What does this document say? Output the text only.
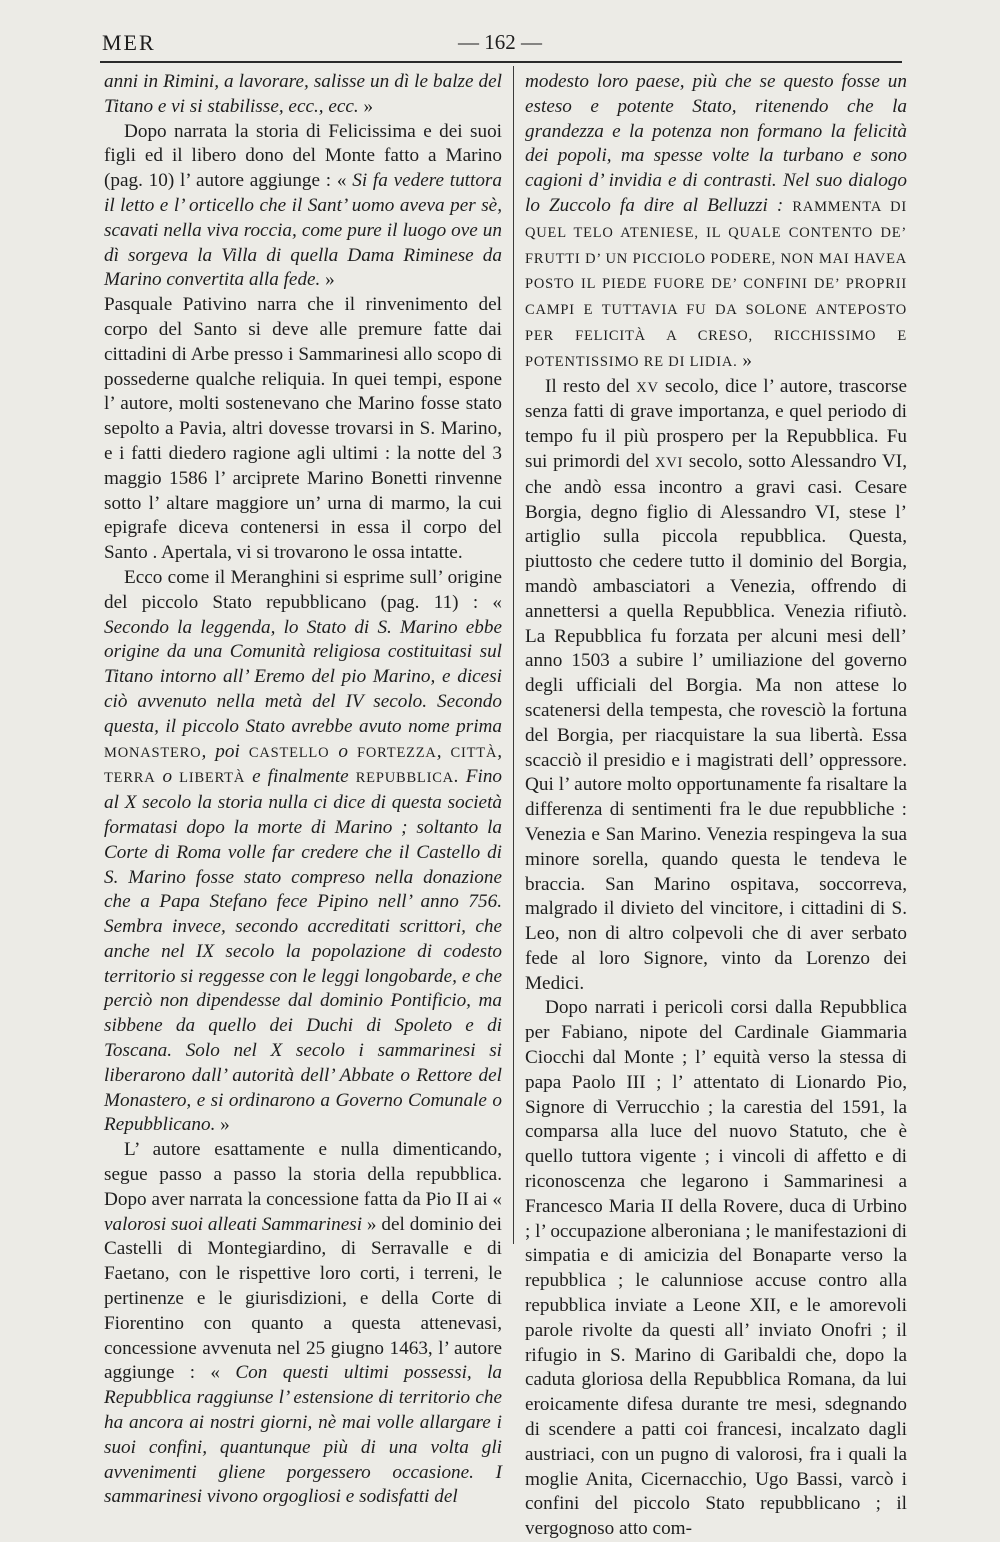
MER	— 162 —

anni in Rimini, a lavorare, salisse un dì le balze del Titano e vi si stabilisse, ecc., ecc. »

Dopo narrata la storia di Felicissima e dei suoi figli ed il libero dono del Monte fatto a Marino (pag. 10) l’ autore aggiunge : « Si fa vedere tuttora il letto e l’ orticello che il Sant’ uomo aveva per sè, scavati nella viva roccia, come pure il luogo ove un dì sorgeva la Villa di quella Dama Riminese da Marino convertita alla fede. »

Pasquale Pativino narra che il rinvenimento del corpo del Santo si deve alle premure fatte dai cittadini di Arbe presso i Sammarinesi allo scopo di possederne qualche reliquia. In quei tempi, espone l’ autore, molti sostenevano che Marino fosse stato sepolto a Pavia, altri dovesse trovarsi in S. Marino, e i fatti diedero ragione agli ultimi : la notte del 3 maggio 1586 l’ arciprete Marino Bonetti rinvenne sotto l’ altare maggiore un’ urna di marmo, la cui epigrafe diceva contenersi in essa il corpo del Santo . Apertala, vi si trovarono le ossa intatte.

Ecco come il Meranghini si esprime sull’ origine del piccolo Stato repubblicano (pag. 11) : « Secondo la leggenda, lo Stato di S. Marino ebbe origine da una Comunità religiosa costituitasi sul Titano intorno all’ Eremo del pio Marino, e dicesi ciò avvenuto nella metà del IV secolo. Secondo questa, il piccolo Stato avrebbe avuto nome prima MONASTERO, poi CASTELLO o FORTEZZA, CITTÀ, TERRA o LIBERTÀ e finalmente REPUBBLICA. Fino al X secolo la storia nulla ci dice di questa società formatasi dopo la morte di Marino ; soltanto la Corte di Roma volle far credere che il Castello di S. Marino fosse stato compreso nella donazione che a Papa Stefano fece Pipino nell’ anno 756. Sembra invece, secondo accreditati scrittori, che anche nel IX secolo la popolazione di codesto territorio si reggesse con le leggi longobarde, e che perciò non dipendesse dal dominio Pontificio, ma sibbene da quello dei Duchi di Spoleto e di Toscana. Solo nel X secolo i sammarinesi si liberarono dall’ autorità dell’ Abbate o Rettore del Monastero, e si ordinarono a Governo Comunale o Repubblicano. »

L’ autore esattamente e nulla dimenticando, segue passo a passo la storia della repubblica. Dopo aver narrata la concessione fatta da Pio II ai « valorosi suoi alleati Sammarinesi » del dominio dei Castelli di Montegiardino, di Serravalle e di Faetano, con le rispettive loro corti, i terreni, le pertinenze e le giurisdizioni, e della Corte di Fiorentino con quanto a questa attenevasi, concessione avvenuta nel 25 giugno 1463, l’ autore aggiunge : « Con questi ultimi possessi, la Repubblica raggiunse l’ estensione di territorio che ha ancora ai nostri giorni, nè mai volle allargare i suoi confini, quantunque più di una volta gli avvenimenti gliene porgessero occasione. I sammarinesi vivono orgogliosi e sodisfatti del

modesto loro paese, più che se questo fosse un esteso e potente Stato, ritenendo che la grandezza e la potenza non formano la felicità dei popoli, ma spesse volte la turbano e sono cagioni d’ invidia e di contrasti. Nel suo dialogo lo Zuccolo fa dire al Belluzzi : RAMMENTA DI QUEL TELO ATENIESE, IL QUALE CONTENTO DE’ FRUTTI D’ UN PICCIOLO PODERE, NON MAI HAVEA POSTO IL PIEDE FUORE DE’ CONFINI DE’ PROPRII CAMPI E TUTTAVIA FU DA SOLONE ANTEPOSTO PER FELICITÀ A CRESO, RICCHISSIMO E POTENTISSIMO RE DI LIDIA. »

Il resto del XV secolo, dice l’ autore, trascorse senza fatti di grave importanza, e quel periodo di tempo fu il più prospero per la Repubblica. Fu sui primordi del XVI secolo, sotto Alessandro VI, che andò essa incontro a gravi casi. Cesare Borgia, degno figlio di Alessandro VI, stese l’ artiglio sulla piccola repubblica. Questa, piuttosto che cedere tutto il dominio del Borgia, mandò ambasciatori a Venezia, offrendo di annettersi a quella Repubblica. Venezia rifiutò. La Repubblica fu forzata per alcuni mesi dell’ anno 1503 a subire l’ umiliazione del governo degli ufficiali del Borgia. Ma non attese lo scatenersi della tempesta, che rovesciò la fortuna del Borgia, per riacquistare la sua libertà. Essa scacciò il presidio e i magistrati dell’ oppressore. Qui l’ autore molto opportunamente fa risaltare la differenza di sentimenti fra le due repubbliche : Venezia e San Marino. Venezia respingeva la sua minore sorella, quando questa le tendeva le braccia. San Marino ospitava, soccorreva, malgrado il divieto del vincitore, i cittadini di S. Leo, non di altro colpevoli che di aver serbato fede al loro Signore, vinto da Lorenzo dei Medici.

Dopo narrati i pericoli corsi dalla Repubblica per Fabiano, nipote del Cardinale Giammaria Ciocchi dal Monte ; l’ equità verso la stessa di papa Paolo III ; l’ attentato di Lionardo Pio, Signore di Verrucchio ; la carestia del 1591, la comparsa alla luce del nuovo Statuto, che è quello tuttora vigente ; i vincoli di affetto e di riconoscenza che legarono i Sammarinesi a Francesco Maria II della Rovere, duca di Urbino ; l’ occupazione alberoniana ; le manifestazioni di simpatia e di amicizia del Bonaparte verso la repubblica ; le calunniose accuse contro alla repubblica inviate a Leone XII, e le amorevoli parole rivolte da questi all’ inviato Onofri ; il rifugio in S. Marino di Garibaldi che, dopo la caduta gloriosa della Repubblica Romana, da lui eroicamente difesa durante tre mesi, sdegnando di scendere a patti coi francesi, incalzato dagli austriaci, con un pugno di valorosi, fra i quali la moglie Anita, Cicernacchio, Ugo Bassi, varcò i confini del piccolo Stato repubblicano ; il vergognoso atto com-
